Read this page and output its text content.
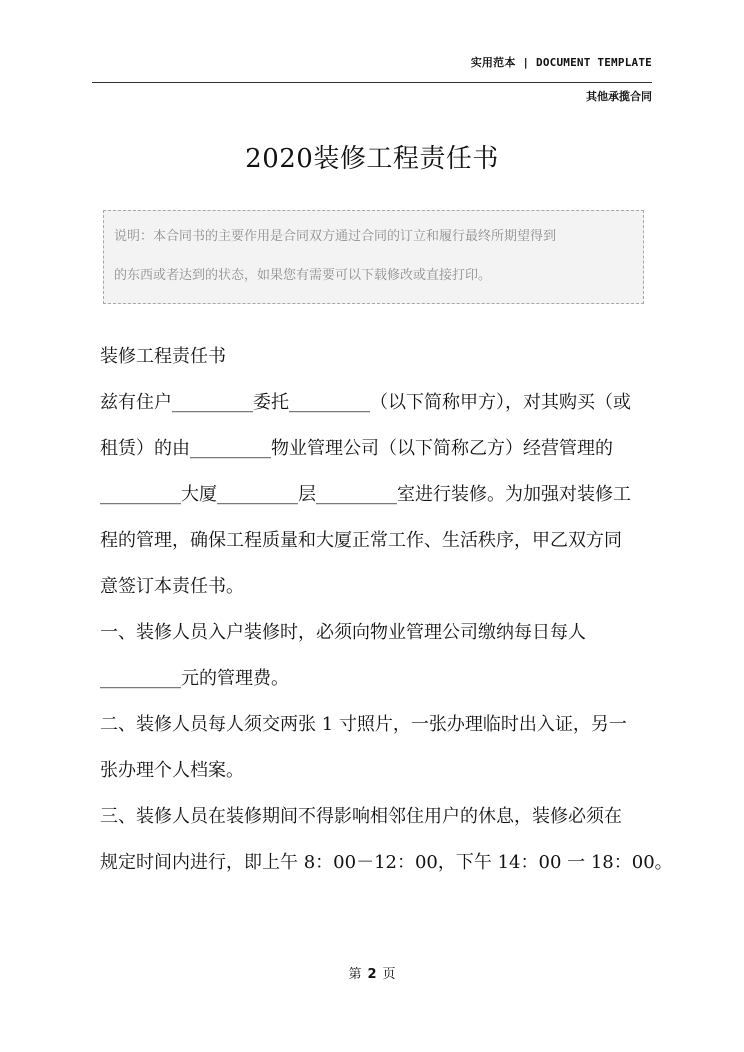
实用范本 | DOCUMENT TEMPLATE
其他承揽合同
2020装修工程责任书

说明：本合同书的主要作用是合同双方通过合同的订立和履行最终所期望得到

的东西或者达到的状态，如果您有需要可以下载修改或直接打印。

装修工程责任书

兹有住户_________委托_________（以下简称甲方），对其购买（或

租赁）的由_________物业管理公司（以下简称乙方）经营管理的

_________大厦_________层_________室进行装修。为加强对装修工

程的管理，确保工程质量和大厦正常工作、生活秩序，甲乙双方同

意签订本责任书。

一、装修人员入户装修时，必须向物业管理公司缴纳每日每人

_________元的管理费。

二、装修人员每人须交两张 1 寸照片，一张办理临时出入证，另一

张办理个人档案。

三、装修人员在装修期间不得影响相邻住用户的休息，装修必须在

规定时间内进行，即上午 8：00－12：00，下午 14：00 一 18：00。

第 2 页
